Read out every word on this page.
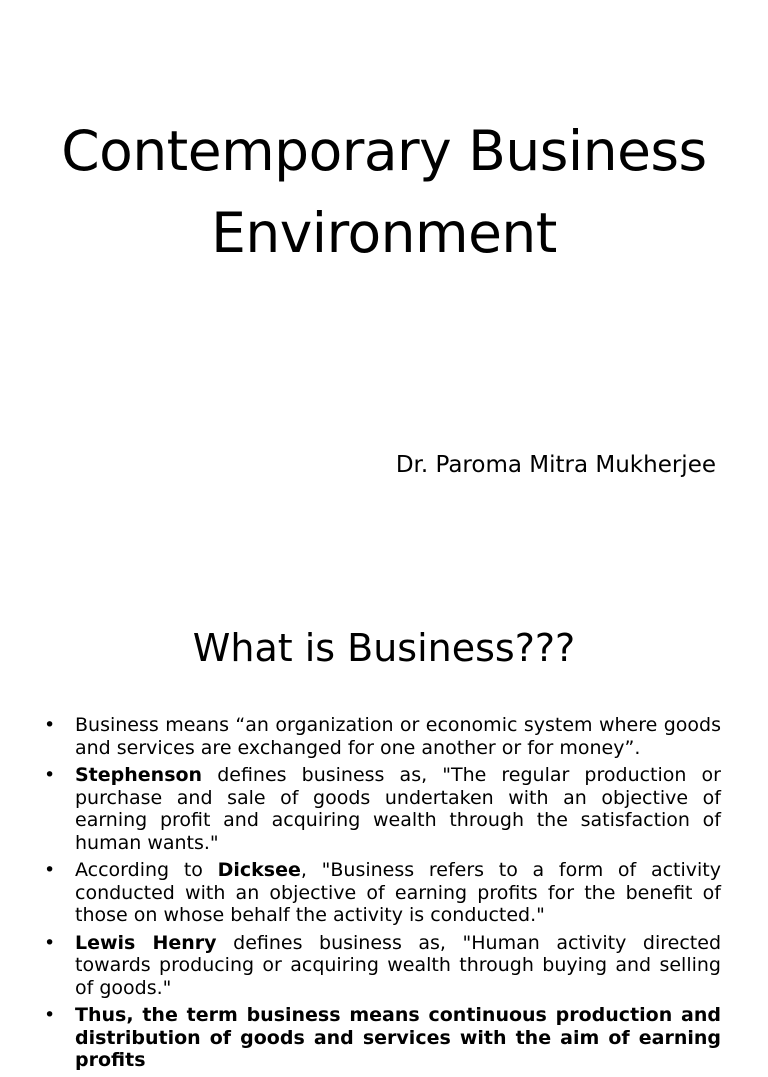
Contemporary Business
Environment

Dr. Paroma Mitra Mukherjee

What is Business???
•	Business means “an organization or economic system where goods and services are exchanged for one another or for money”.
•	Stephenson defines business as, "The regular production or purchase and sale of goods undertaken with an objective of earning profit and acquiring wealth through the satisfaction of human wants."
•	According to Dicksee, "Business refers to a form of activity conducted with an objective of earning profits for the benefit of those on whose behalf the activity is conducted."
•	Lewis Henry defines business as, "Human activity directed towards producing or acquiring wealth through buying and selling of goods."
•	Thus, the term business means continuous production and distribution of goods and services with the aim of earning profits
